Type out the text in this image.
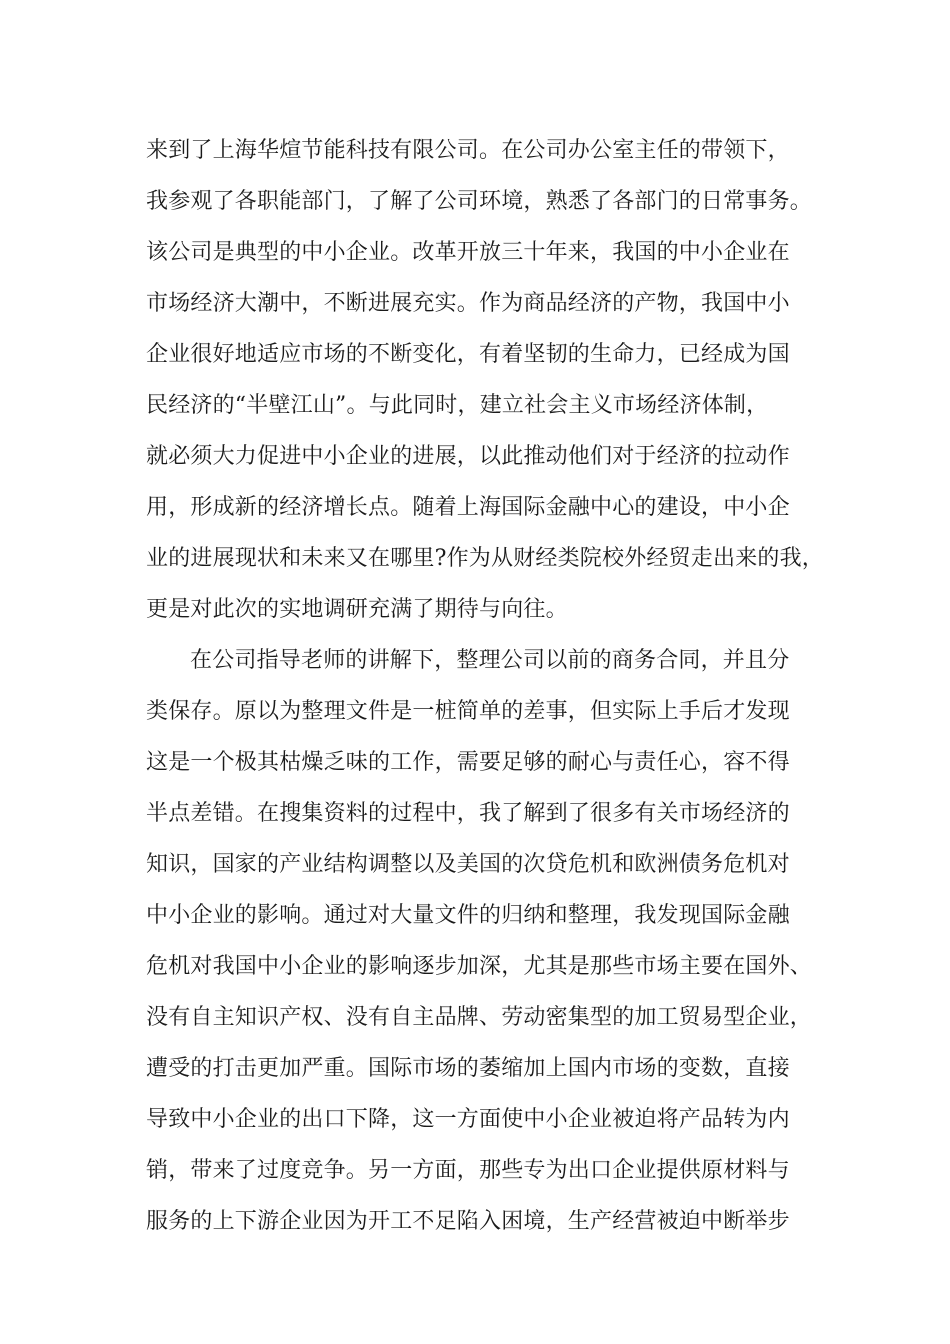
来到了上海华煊节能科技有限公司。在公司办公室主任的带领下，
我参观了各职能部门，了解了公司环境，熟悉了各部门的日常事务。
该公司是典型的中小企业。改革开放三十年来，我国的中小企业在
市场经济大潮中，不断进展充实。作为商品经济的产物，我国中小
企业很好地适应市场的不断变化，有着坚韧的生命力，已经成为国
民经济的“半壁江山”。与此同时，建立社会主义市场经济体制，
就必须大力促进中小企业的进展，以此推动他们对于经济的拉动作
用，形成新的经济增长点。随着上海国际金融中心的建设，中小企
业的进展现状和未来又在哪里?作为从财经类院校外经贸走出来的我，
更是对此次的实地调研充满了期待与向往。
在公司指导老师的讲解下，整理公司以前的商务合同，并且分
类保存。原以为整理文件是一桩简单的差事，但实际上手后才发现
这是一个极其枯燥乏味的工作，需要足够的耐心与责任心，容不得
半点差错。在搜集资料的过程中，我了解到了很多有关市场经济的
知识，国家的产业结构调整以及美国的次贷危机和欧洲债务危机对
中小企业的影响。通过对大量文件的归纳和整理，我发现国际金融
危机对我国中小企业的影响逐步加深，尤其是那些市场主要在国外、
没有自主知识产权、没有自主品牌、劳动密集型的加工贸易型企业，
遭受的打击更加严重。国际市场的萎缩加上国内市场的变数，直接
导致中小企业的出口下降，这一方面使中小企业被迫将产品转为内
销，带来了过度竞争。另一方面，那些专为出口企业提供原材料与
服务的上下游企业因为开工不足陷入困境，生产经营被迫中断举步
